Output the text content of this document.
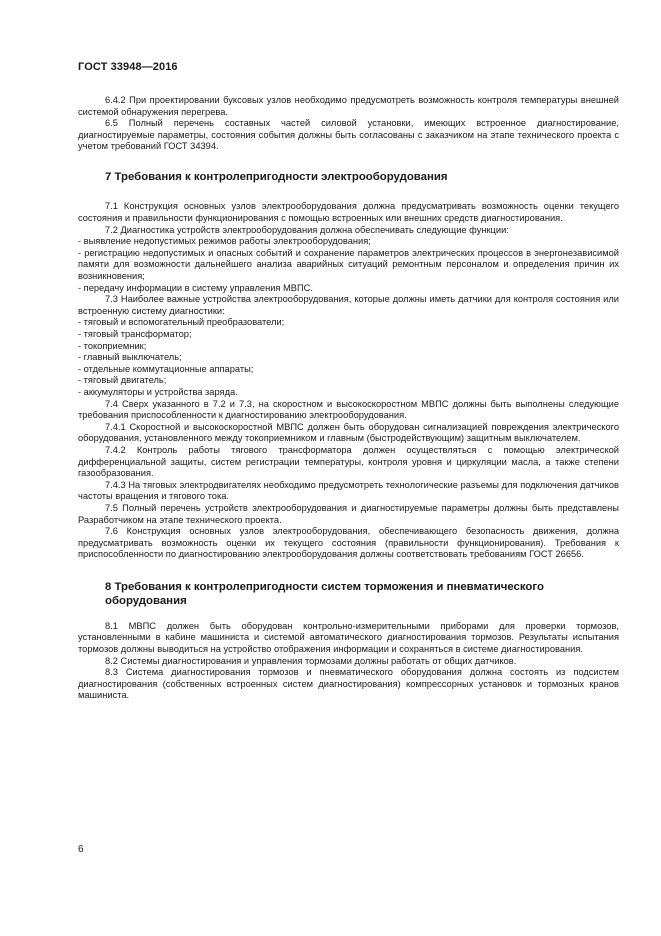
ГОСТ 33948—2016

6.4.2 При проектировании буксовых узлов необходимо предусмотреть возможность контроля температуры внешней системой обнаружения перегрева.

6.5 Полный перечень составных частей силовой установки, имеющих встроенное диагностирование, диагностируемые параметры, состояния события должны быть согласованы с заказчиком на этапе технического проекта с учетом требований ГОСТ 34394.

7 Требования к контролепригодности электрооборудования

7.1 Конструкция основных узлов электрооборудования должна предусматривать возможность оценки текущего состояния и правильности функционирования с помощью встроенных или внешних средств диагностирования.

7.2 Диагностика устройств электрооборудования должна обеспечивать следующие функции:

- выявление недопустимых режимов работы электрооборудования;

- регистрацию недопустимых и опасных событий и сохранение параметров электрических процессов в энергонезависимой памяти для возможности дальнейшего анализа аварийных ситуаций ремонтным персоналом и определения причин их возникновения;

- передачу информации в систему управления МВПС.

7.3 Наиболее важные устройства электрооборудования, которые должны иметь датчики для контроля состояния или встроенную систему диагностики:

- тяговый и вспомогательный преобразователи;

- тяговый трансформатор;

- токоприемник;

- главный выключатель;

- отдельные коммутационные аппараты;

- тяговый двигатель;

- аккумуляторы и устройства заряда.

7.4 Сверх указанного в 7.2 и 7.3, на скоростном и высокоскоростном МВПС должны быть выполнены следующие требования приспособленности к диагностированию электрооборудования.

7.4.1 Скоростной и высокоскоростной МВПС должен быть оборудован сигнализацией повреждения электрического оборудования, установленного между токоприемником и главным (быстродействующим) защитным выключателем.

7.4.2 Контроль работы тягового трансформатора должен осуществляться с помощью электрической дифференциальной защиты, систем регистрации температуры, контроля уровня и циркуляции масла, а также степени газообразования.

7.4.3 На тяговых электродвигателях необходимо предусмотреть технологические разъемы для подключения датчиков частоты вращения и тягового тока.

7.5 Полный перечень устройств электрооборудования и диагностируемые параметры должны быть представлены Разработчиком на этапе технического проекта.

7.6 Конструкция основных узлов электрооборудования, обеспечивающего безопасность движения, должна предусматривать возможность оценки их текущего состояния (правильности функционирования). Требования к приспособленности по диагностированию электрооборудования должны соответствовать требованиям ГОСТ 26656.

8 Требования к контролепригодности систем торможения и пневматического оборудования

8.1 МВПС должен быть оборудован контрольно-измерительными приборами для проверки тормозов, установленными в кабине машиниста и системой автоматического диагностирования тормозов. Результаты испытания тормозов должны выводиться на устройство отображения информации и сохраняться в системе диагностирования.

8.2 Системы диагностирования и управления тормозами должны работать от общих датчиков.

8.3 Система диагностирования тормозов и пневматического оборудования должна состоять из подсистем диагностирования (собственных встроенных систем диагностирования) компрессорных установок и тормозных кранов машиниста.

6
